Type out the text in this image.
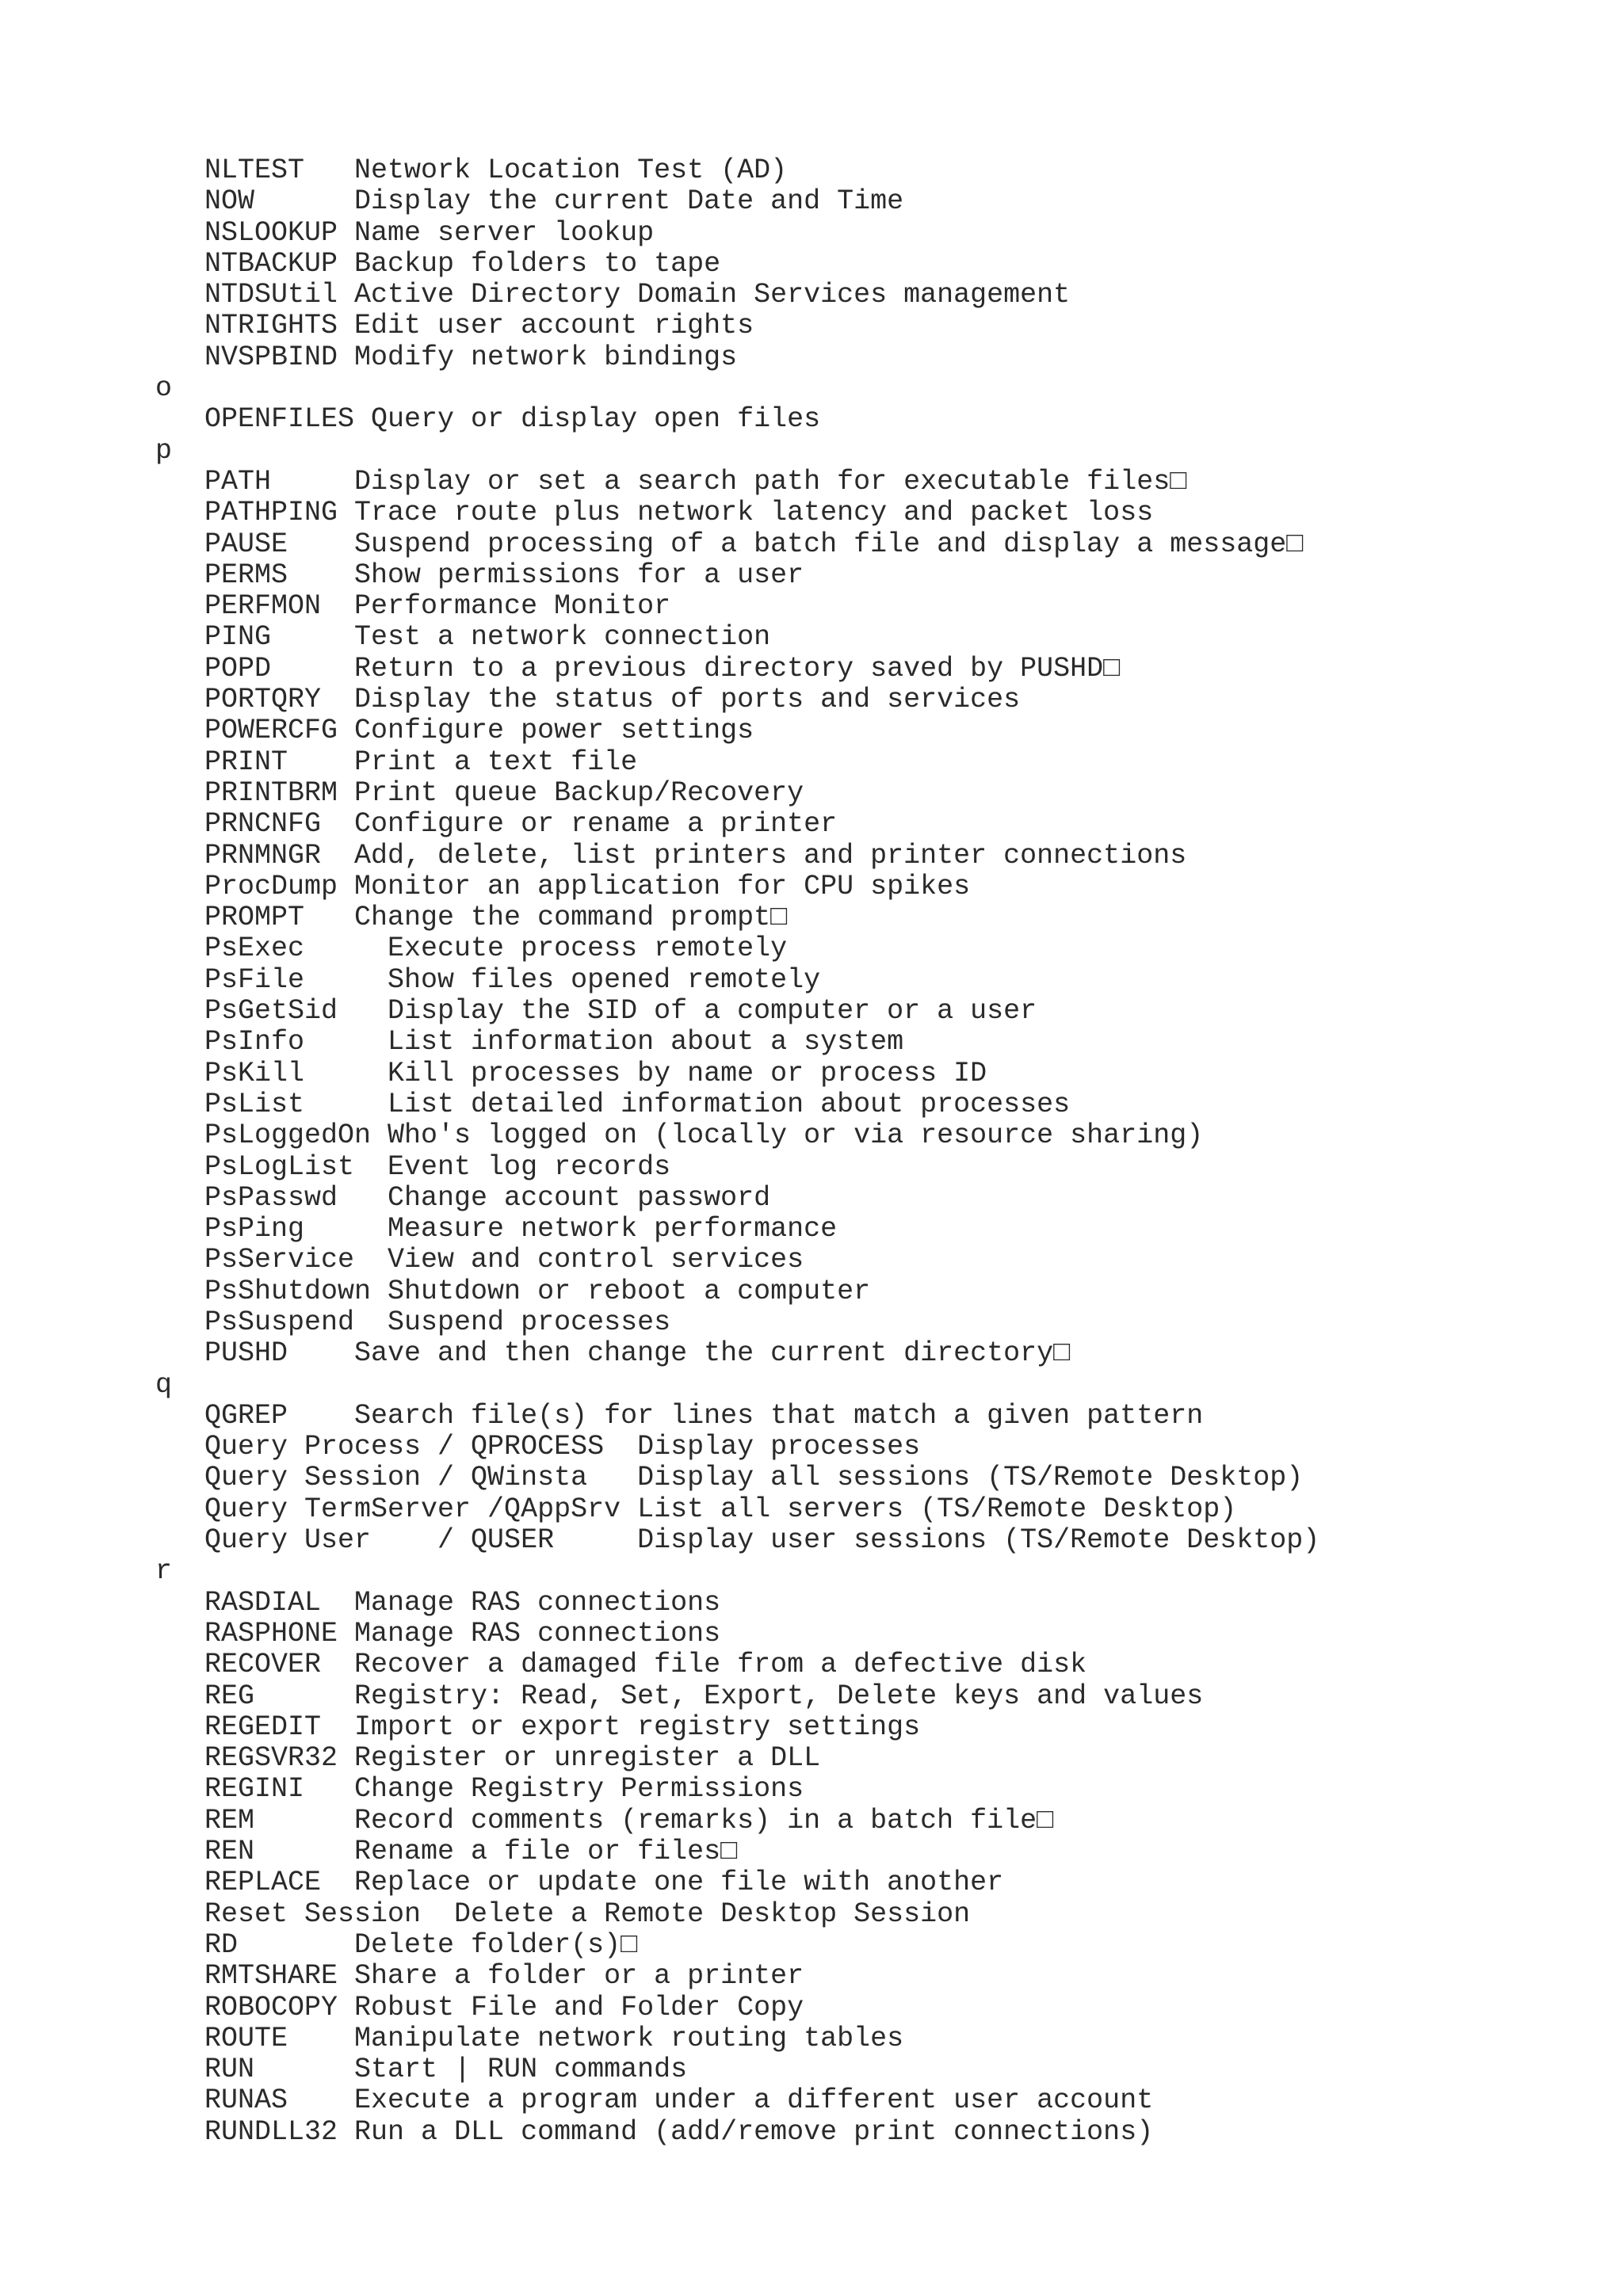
NLTEST   Network Location Test (AD)
NOW      Display the current Date and Time
NSLOOKUP Name server lookup
NTBACKUP Backup folders to tape
NTDSUtil Active Directory Domain Services management
NTRIGHTS Edit user account rights
NVSPBIND Modify network bindings
o
OPENFILES Query or display open files
p
PATH     Display or set a search path for executable files□
PATHPING Trace route plus network latency and packet loss
PAUSE    Suspend processing of a batch file and display a message□
PERMS    Show permissions for a user
PERFMON  Performance Monitor
PING     Test a network connection
POPD     Return to a previous directory saved by PUSHD□
PORTQRY  Display the status of ports and services
POWERCFG Configure power settings
PRINT    Print a text file
PRINTBRM Print queue Backup/Recovery
PRNCNFG  Configure or rename a printer
PRNMNGR  Add, delete, list printers and printer connections
ProcDump Monitor an application for CPU spikes
PROMPT   Change the command prompt□
PsExec     Execute process remotely
PsFile     Show files opened remotely
PsGetSid   Display the SID of a computer or a user
PsInfo     List information about a system
PsKill     Kill processes by name or process ID
PsList     List detailed information about processes
PsLoggedOn Who's logged on (locally or via resource sharing)
PsLogList  Event log records
PsPasswd   Change account password
PsPing     Measure network performance
PsService  View and control services
PsShutdown Shutdown or reboot a computer
PsSuspend  Suspend processes
PUSHD    Save and then change the current directory□
q
QGREP    Search file(s) for lines that match a given pattern
Query Process / QPROCESS  Display processes
Query Session / QWinsta   Display all sessions (TS/Remote Desktop)
Query TermServer /QAppSrv List all servers (TS/Remote Desktop)
Query User    / QUSER     Display user sessions (TS/Remote Desktop)
r
RASDIAL  Manage RAS connections
RASPHONE Manage RAS connections
RECOVER  Recover a damaged file from a defective disk
REG      Registry: Read, Set, Export, Delete keys and values
REGEDIT  Import or export registry settings
REGSVR32 Register or unregister a DLL
REGINI   Change Registry Permissions
REM      Record comments (remarks) in a batch file□
REN      Rename a file or files□
REPLACE  Replace or update one file with another
Reset Session  Delete a Remote Desktop Session
RD       Delete folder(s)□
RMTSHARE Share a folder or a printer
ROBOCOPY Robust File and Folder Copy
ROUTE    Manipulate network routing tables
RUN      Start | RUN commands
RUNAS    Execute a program under a different user account
RUNDLL32 Run a DLL command (add/remove print connections)
